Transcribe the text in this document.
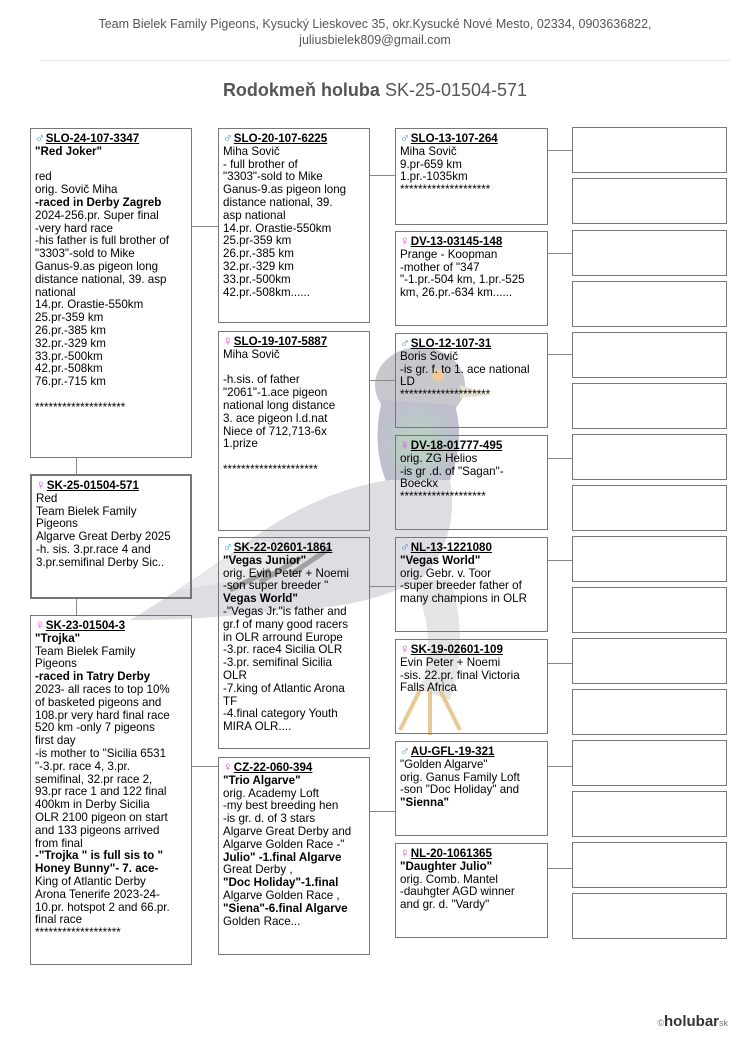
Team Bielek Family Pigeons, Kysucký Lieskovec 35, okr.Kysucké Nové Mesto, 02334, 0903636822,
juliusbielek809@gmail.com
Rodokmeň holuba SK-25-01504-571
♂SLO-24-107-3347
"Red Joker"

red
orig. Sovič Miha
-raced in Derby Zagreb
2024-256.pr. Super final
-very hard race
-his father is full brother of
"3303"-sold to Mike
Ganus-9.as pigeon long
distance national, 39. asp
national
14.pr. Orastie-550km
25.pr-359 km
26.pr.-385 km
32.pr.-329 km
33.pr.-500km
42.pr.-508km
76.pr.-715 km

********************
♀SK-25-01504-571
Red
Team Bielek Family
Pigeons
Algarve Great Derby 2025
-h. sis. 3.pr.race 4 and
3.pr.semifinal Derby Sic..
♀SK-23-01504-3
"Trojka"
Team Bielek Family
Pigeons
-raced in Tatry Derby
2023- all races to top 10%
of basketed pigeons and
108.pr very hard final race
520 km -only 7 pigeons
first day
-is mother to "Sicilia 6531
"-3.pr. race 4, 3.pr.
semifinal, 32.pr race 2,
93.pr race 1 and 122 final
400km in Derby Sicilia
OLR 2100 pigeon on start
and 133 pigeons arrived
from final
-"Trojka " is full sis to "
Honey Bunny"- 7. ace-
King of Atlantic Derby
Arona Tenerife 2023-24-
10.pr. hotspot 2 and 66.pr.
final race
*******************
♂SLO-20-107-6225
Miha Sovič
- full brother of
"3303"-sold to Mike
Ganus-9.as pigeon long
distance national, 39.
asp national
14.pr. Orastie-550km
25.pr-359 km
26.pr.-385 km
32.pr.-329 km
33.pr.-500km
42.pr.-508km......
♀SLO-19-107-5887
Miha Sovič

-h.sis. of father
"2061"-1.ace pigeon
national long distance
3. ace pigeon l.d.nat
Niece of 712,713-6x
1.prize

*********************
♂SK-22-02601-1861
"Vegas Junior"
orig. Evin Peter + Noemi
-son super breeder "
Vegas World"
-"Vegas Jr."is father and
gr.f of many good racers
in OLR arround Europe
-3.pr. race4 Sicilia OLR
-3.pr. semifinal Sicilia
OLR
-7.king of Atlantic Arona
TF
-4.final category Youth
MIRA OLR....
♀CZ-22-060-394
"Trio Algarve"
orig. Academy Loft
-my best breeding hen
-is gr. d. of 3 stars
Algarve Great Derby and
Algarve Golden Race -"
Julio" -1.final Algarve
Great Derby ,
"Doc Holiday"-1.final
Algarve Golden Race ,
"Siena"-6.final Algarve
Golden Race...
♂SLO-13-107-264
Miha Sovič
9.pr-659 km
1.pr.-1035km
********************
♀DV-13-03145-148
Prange - Koopman
-mother of "347
"-1.pr.-504 km, 1.pr.-525
km, 26.pr.-634 km......
♂SLO-12-107-31
Boris Sovič
-is gr. f. to 1. ace national
LD
********************
♀DV-18-01777-495
orig. ZG Helios
-is gr .d. of "Sagan"-
Boeckx
*******************
♂NL-13-1221080
"Vegas World"
orig. Gebr. v. Toor
-super breeder father of
many champions in OLR
♀SK-19-02601-109
Evin Peter + Noemi
-sis. 22.pr. final Victoria
Falls Africa
♂AU-GFL-19-321
"Golden Algarve"
orig. Ganus Family Loft
-son "Doc Holiday" and
"Sienna"
♀NL-20-1061365
"Daughter Julio"
orig. Comb. Mantel
-dauhgter AGD winner
and gr. d. "Vardy"
©holubarsk
